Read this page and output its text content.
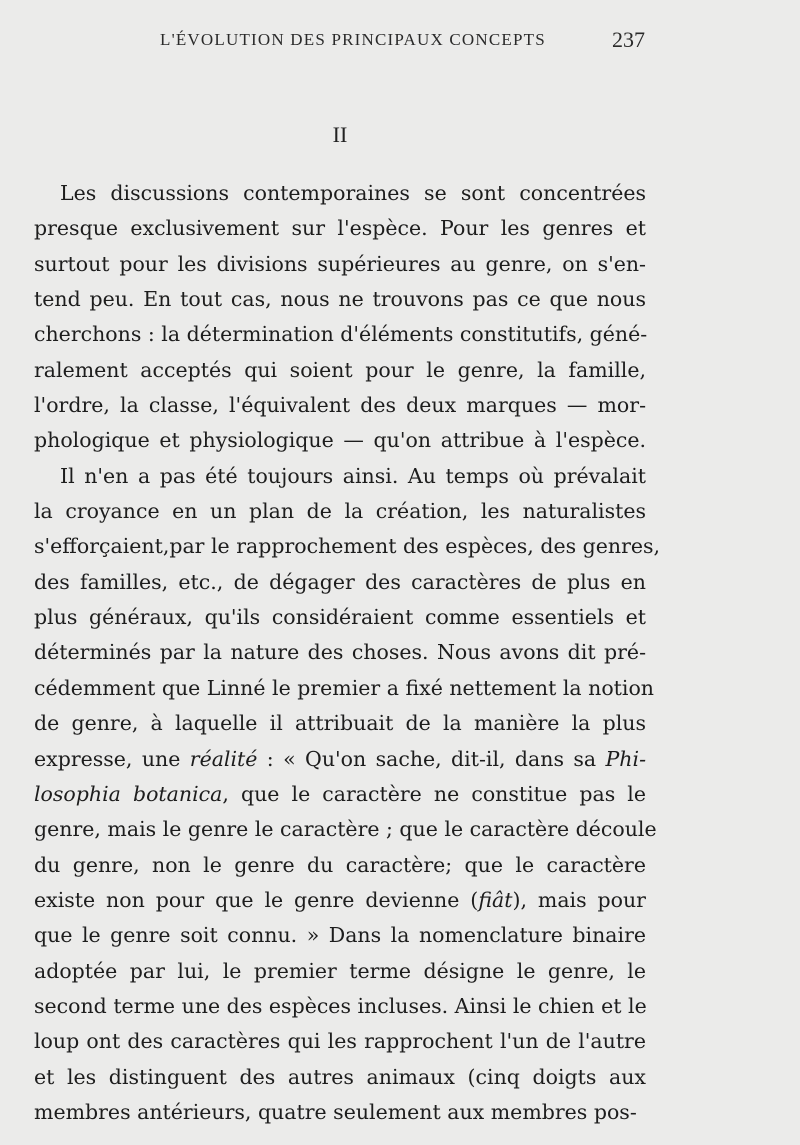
L'ÉVOLUTION DES PRINCIPAUX CONCEPTS	237
II
Les discussions contemporaines se sont concentrées
presque exclusivement sur l'espèce. Pour les genres et
surtout pour les divisions supérieures au genre, on s'en-
tend peu. En tout cas, nous ne trouvons pas ce que nous
cherchons : la détermination d'éléments constitutifs, géné-
ralement acceptés qui soient pour le genre, la famille,
l'ordre, la classe, l'équivalent des deux marques — mor-
phologique et physiologique — qu'on attribue à l'espèce.
Il n'en a pas été toujours ainsi. Au temps où prévalait
la croyance en un plan de la création, les naturalistes
s'efforçaient,par le rapprochement des espèces, des genres,
des familles, etc., de dégager des caractères de plus en
plus généraux, qu'ils considéraient comme essentiels et
déterminés par la nature des choses. Nous avons dit pré-
cédemment que Linné le premier a fixé nettement la notion
de genre, à laquelle il attribuait de la manière la plus
expresse, une réalité : « Qu'on sache, dit-il, dans sa Phi-
losophia botanica, que le caractère ne constitue pas le
genre, mais le genre le caractère ; que le caractère découle
du genre, non le genre du caractère; que le caractère
existe non pour que le genre devienne (fiât), mais pour
que le genre soit connu. » Dans la nomenclature binaire
adoptée par lui, le premier terme désigne le genre, le
second terme une des espèces incluses. Ainsi le chien et le
loup ont des caractères qui les rapprochent l'un de l'autre
et les distinguent des autres animaux (cinq doigts aux
membres antérieurs, quatre seulement aux membres pos-
